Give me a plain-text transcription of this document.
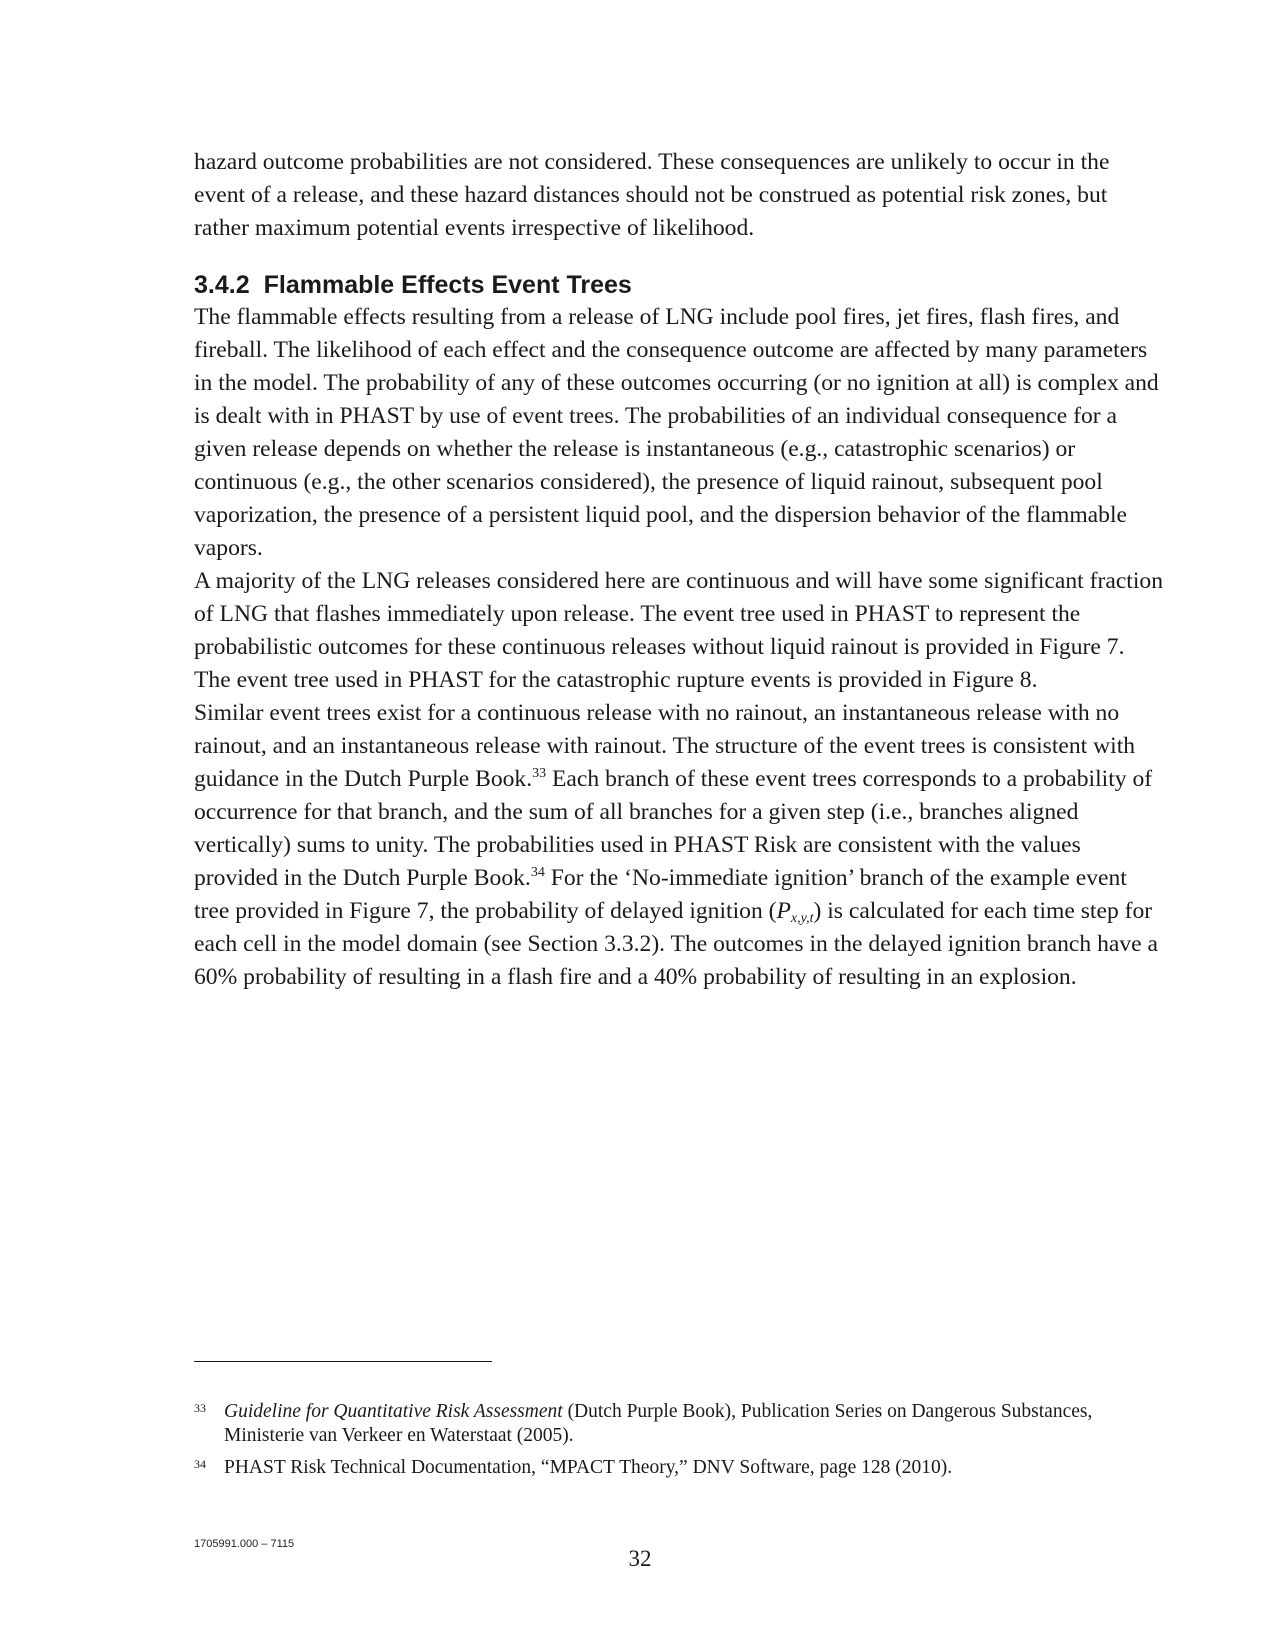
hazard outcome probabilities are not considered. These consequences are unlikely to occur in the event of a release, and these hazard distances should not be construed as potential risk zones, but rather maximum potential events irrespective of likelihood.

3.4.2 Flammable Effects Event Trees

The flammable effects resulting from a release of LNG include pool fires, jet fires, flash fires, and fireball. The likelihood of each effect and the consequence outcome are affected by many parameters in the model. The probability of any of these outcomes occurring (or no ignition at all) is complex and is dealt with in PHAST by use of event trees. The probabilities of an individual consequence for a given release depends on whether the release is instantaneous (e.g., catastrophic scenarios) or continuous (e.g., the other scenarios considered), the presence of liquid rainout, subsequent pool vaporization, the presence of a persistent liquid pool, and the dispersion behavior of the flammable vapors.

A majority of the LNG releases considered here are continuous and will have some significant fraction of LNG that flashes immediately upon release. The event tree used in PHAST to represent the probabilistic outcomes for these continuous releases without liquid rainout is provided in Figure 7. The event tree used in PHAST for the catastrophic rupture events is provided in Figure 8.

Similar event trees exist for a continuous release with no rainout, an instantaneous release with no rainout, and an instantaneous release with rainout. The structure of the event trees is consistent with guidance in the Dutch Purple Book.$^{33}$ Each branch of these event trees corresponds to a probability of occurrence for that branch, and the sum of all branches for a given step (i.e., branches aligned vertically) sums to unity. The probabilities used in PHAST Risk are consistent with the values provided in the Dutch Purple Book.$^{34}$ For the ‘No-immediate ignition’ branch of the example event tree provided in Figure 7, the probability of delayed ignition $(P_{x,y,t})$ is calculated for each time step for each cell in the model domain (see Section 3.3.2). The outcomes in the delayed ignition branch have a 60% probability of resulting in a flash fire and a 40% probability of resulting in an explosion.

33 Guideline for Quantitative Risk Assessment (Dutch Purple Book), Publication Series on Dangerous Substances, Ministerie van Verkeer en Waterstaat (2005).
34 PHAST Risk Technical Documentation, “MPACT Theory,” DNV Software, page 128 (2010).
1705991.000 – 7115
32
